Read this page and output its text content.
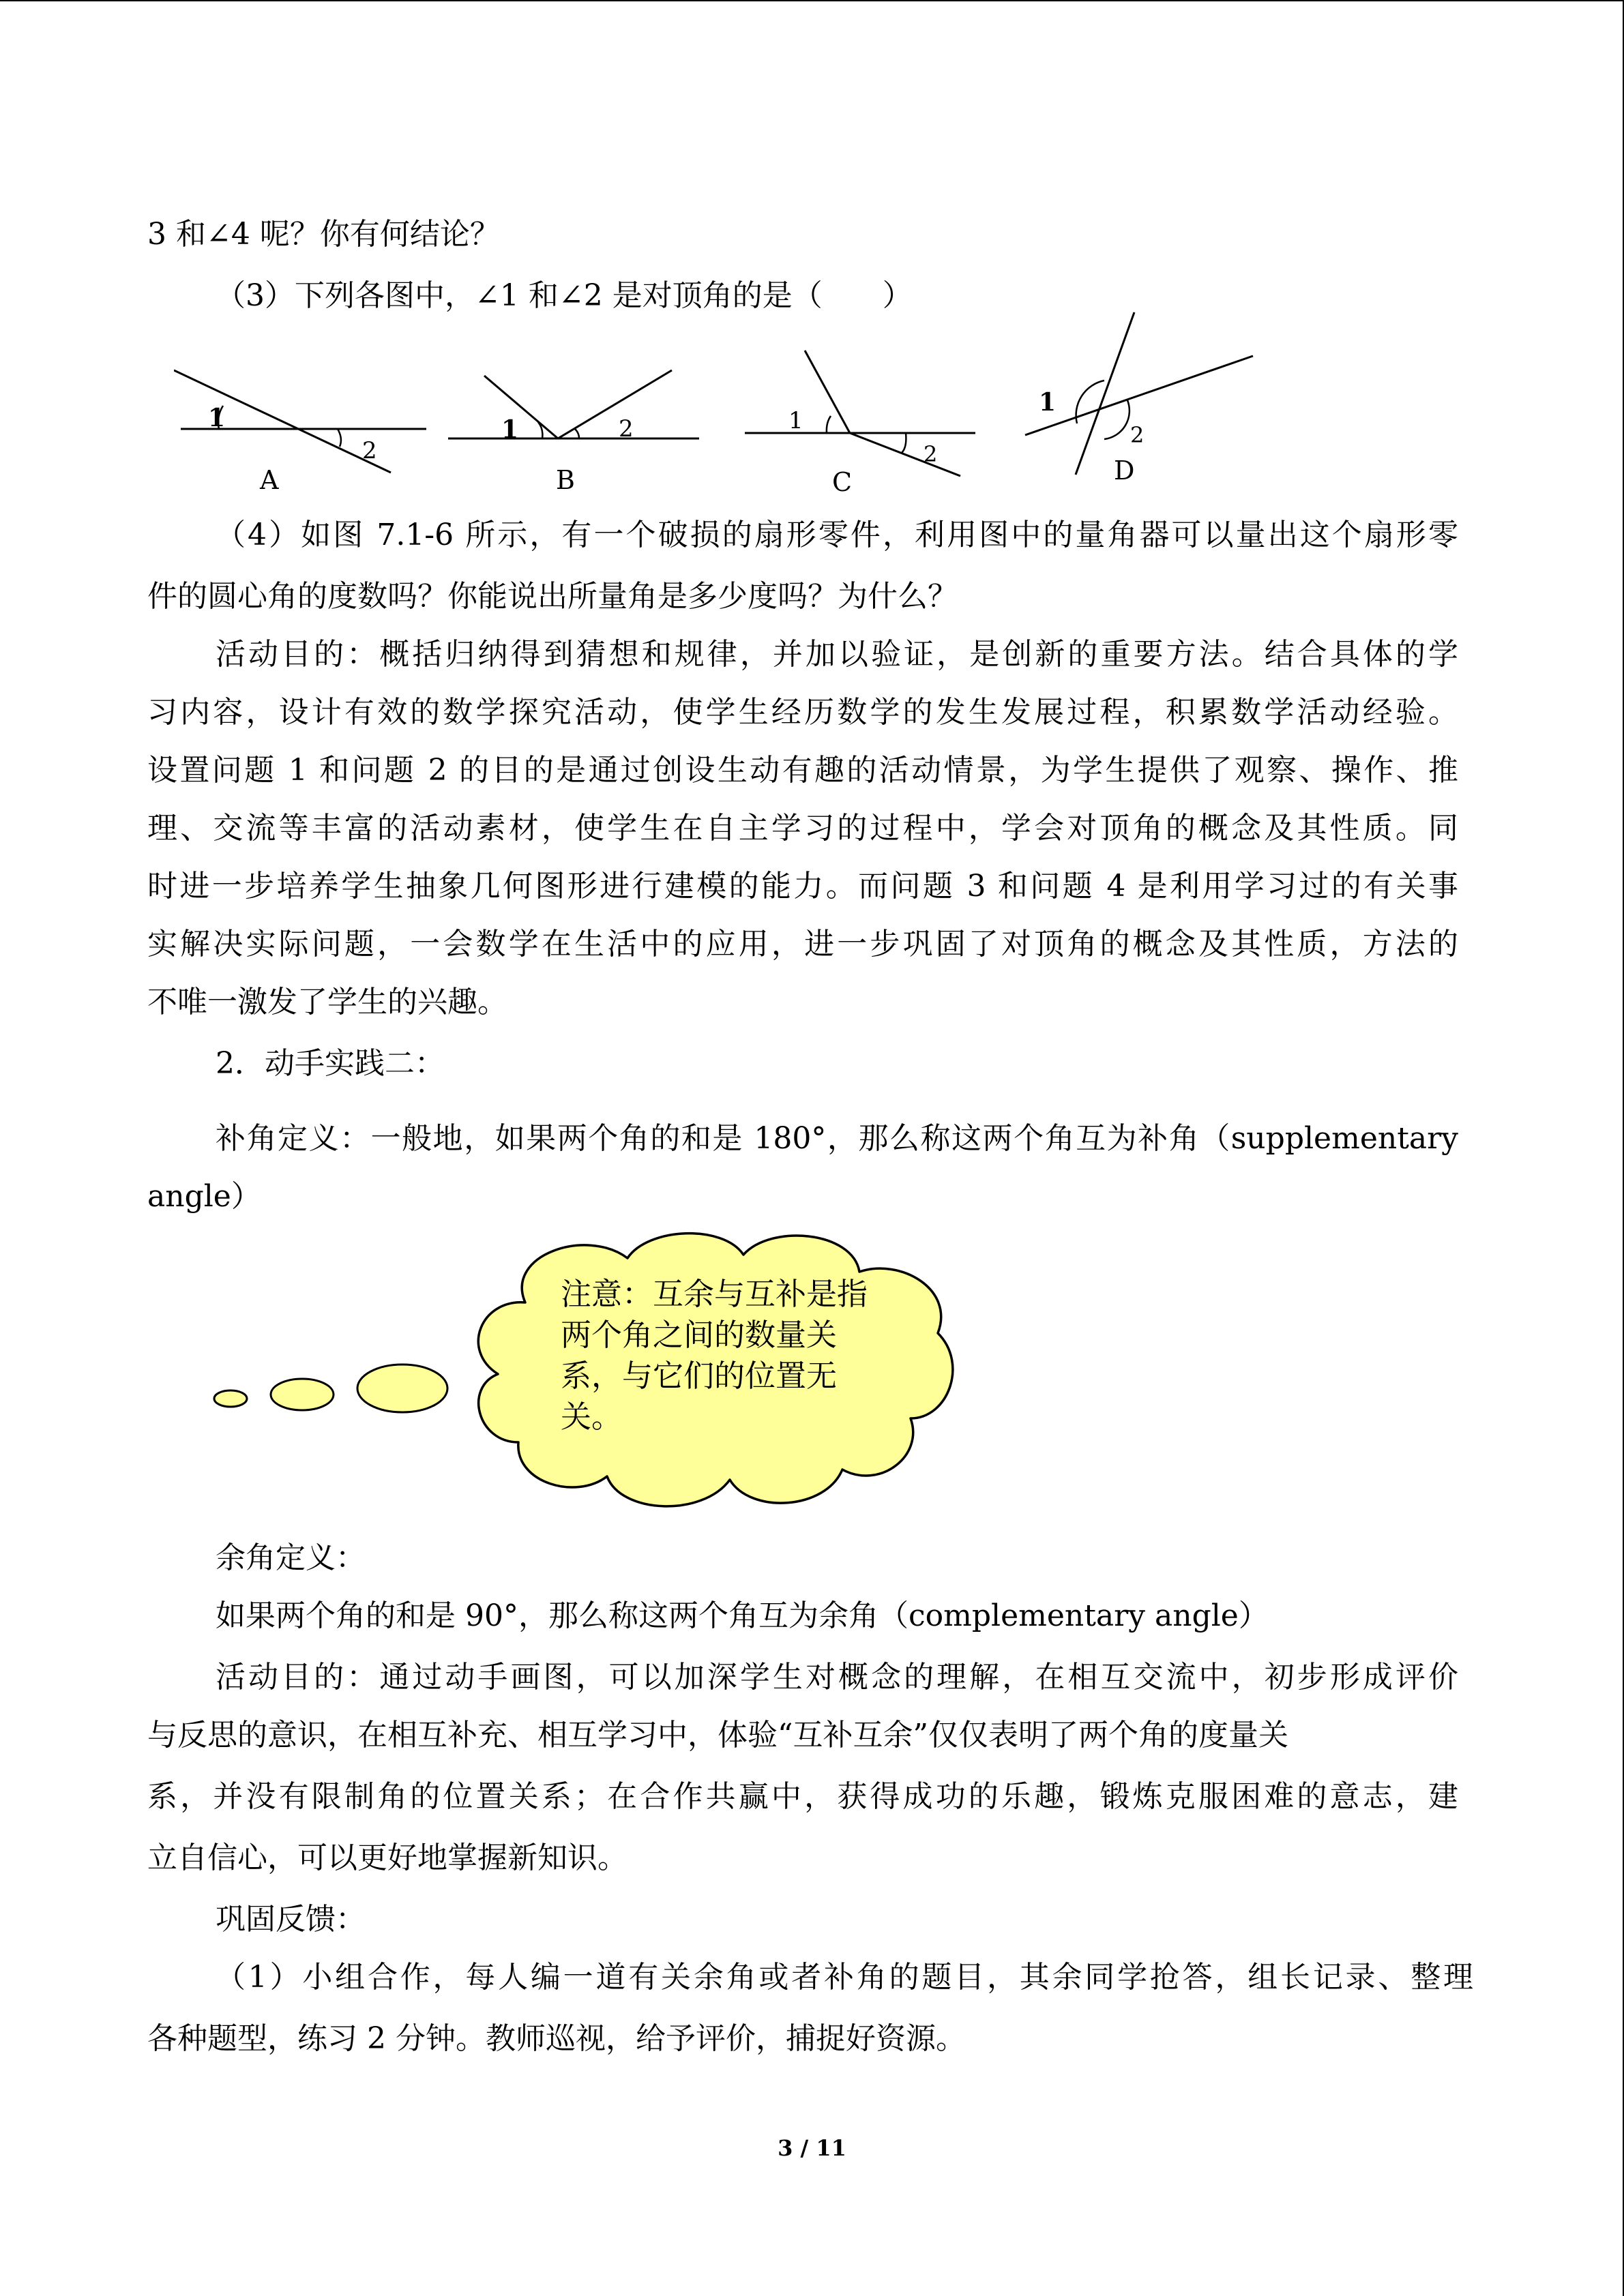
3 和∠4 呢？你有何结论？
（3）下列各图中，∠1 和∠2 是对顶角的是（　　）
1
2
A
1	2
B
1
2
C
1
2
D
（4）如图 7.1-6 所示，有一个破损的扇形零件，利用图中的量角器可以量出这个扇形零
件的圆心角的度数吗？你能说出所量角是多少度吗？为什么？
活动目的：概括归纳得到猜想和规律，并加以验证，是创新的重要方法。结合具体的学
习内容，设计有效的数学探究活动，使学生经历数学的发生发展过程，积累数学活动经验。
设置问题 1 和问题 2 的目的是通过创设生动有趣的活动情景，为学生提供了观察、操作、推
理、交流等丰富的活动素材，使学生在自主学习的过程中，学会对顶角的概念及其性质。同
时进一步培养学生抽象几何图形进行建模的能力。而问题 3 和问题 4 是利用学习过的有关事
实解决实际问题，一会数学在生活中的应用，进一步巩固了对顶角的概念及其性质，方法的
不唯一激发了学生的兴趣。
2．动手实践二：
补角定义：一般地，如果两个角的和是 180°，那么称这两个角互为补角（supplementary
angle）
注意：互余与互补是指
两个角之间的数量关
系，与它们的位置无
关。
余角定义：
如果两个角的和是 90°，那么称这两个角互为余角（complementary angle）
活动目的：通过动手画图，可以加深学生对概念的理解，在相互交流中，初步形成评价
与反思的意识，在相互补充、相互学习中，体验“互补互余”仅仅表明了两个角的度量关
系，并没有限制角的位置关系；在合作共赢中，获得成功的乐趣，锻炼克服困难的意志，建
立自信心，可以更好地掌握新知识。
巩固反馈：
（1）小组合作，每人编一道有关余角或者补角的题目，其余同学抢答，组长记录、整理
各种题型，练习 2 分钟。教师巡视，给予评价，捕捉好资源。
3 / 11
